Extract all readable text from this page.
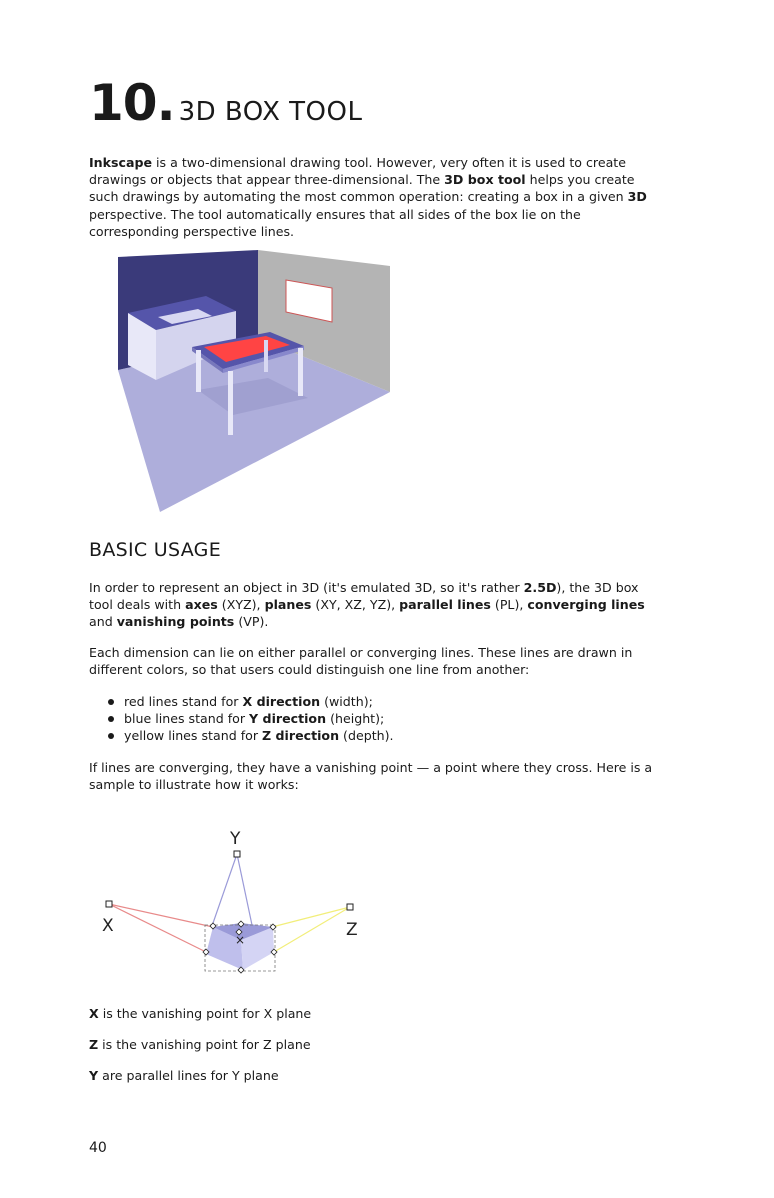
10. 3D BOX TOOL

Inkscape is a two-dimensional drawing tool. However, very often it is used to create drawings or objects that appear three-dimensional. The 3D box tool helps you create such drawings by automating the most common operation: creating a box in a given 3D perspective. The tool automatically ensures that all sides of the box lie on the corresponding perspective lines.

BASIC USAGE

In order to represent an object in 3D (it's emulated 3D, so it's rather 2.5D), the 3D box tool deals with axes (XYZ), planes (XY, XZ, YZ), parallel lines (PL), converging lines and vanishing points (VP).

Each dimension can lie on either parallel or converging lines. These lines are drawn in different colors, so that users could distinguish one line from another:

red lines stand for X direction (width);
blue lines stand for Y direction (height);
yellow lines stand for Z direction (depth).

If lines are converging, they have a vanishing point — a point where they cross. Here is a sample to illustrate how it works:

×
Y
X	Z

X is the vanishing point for X plane

Z is the vanishing point for Z plane

Y are parallel lines for Y plane

40
